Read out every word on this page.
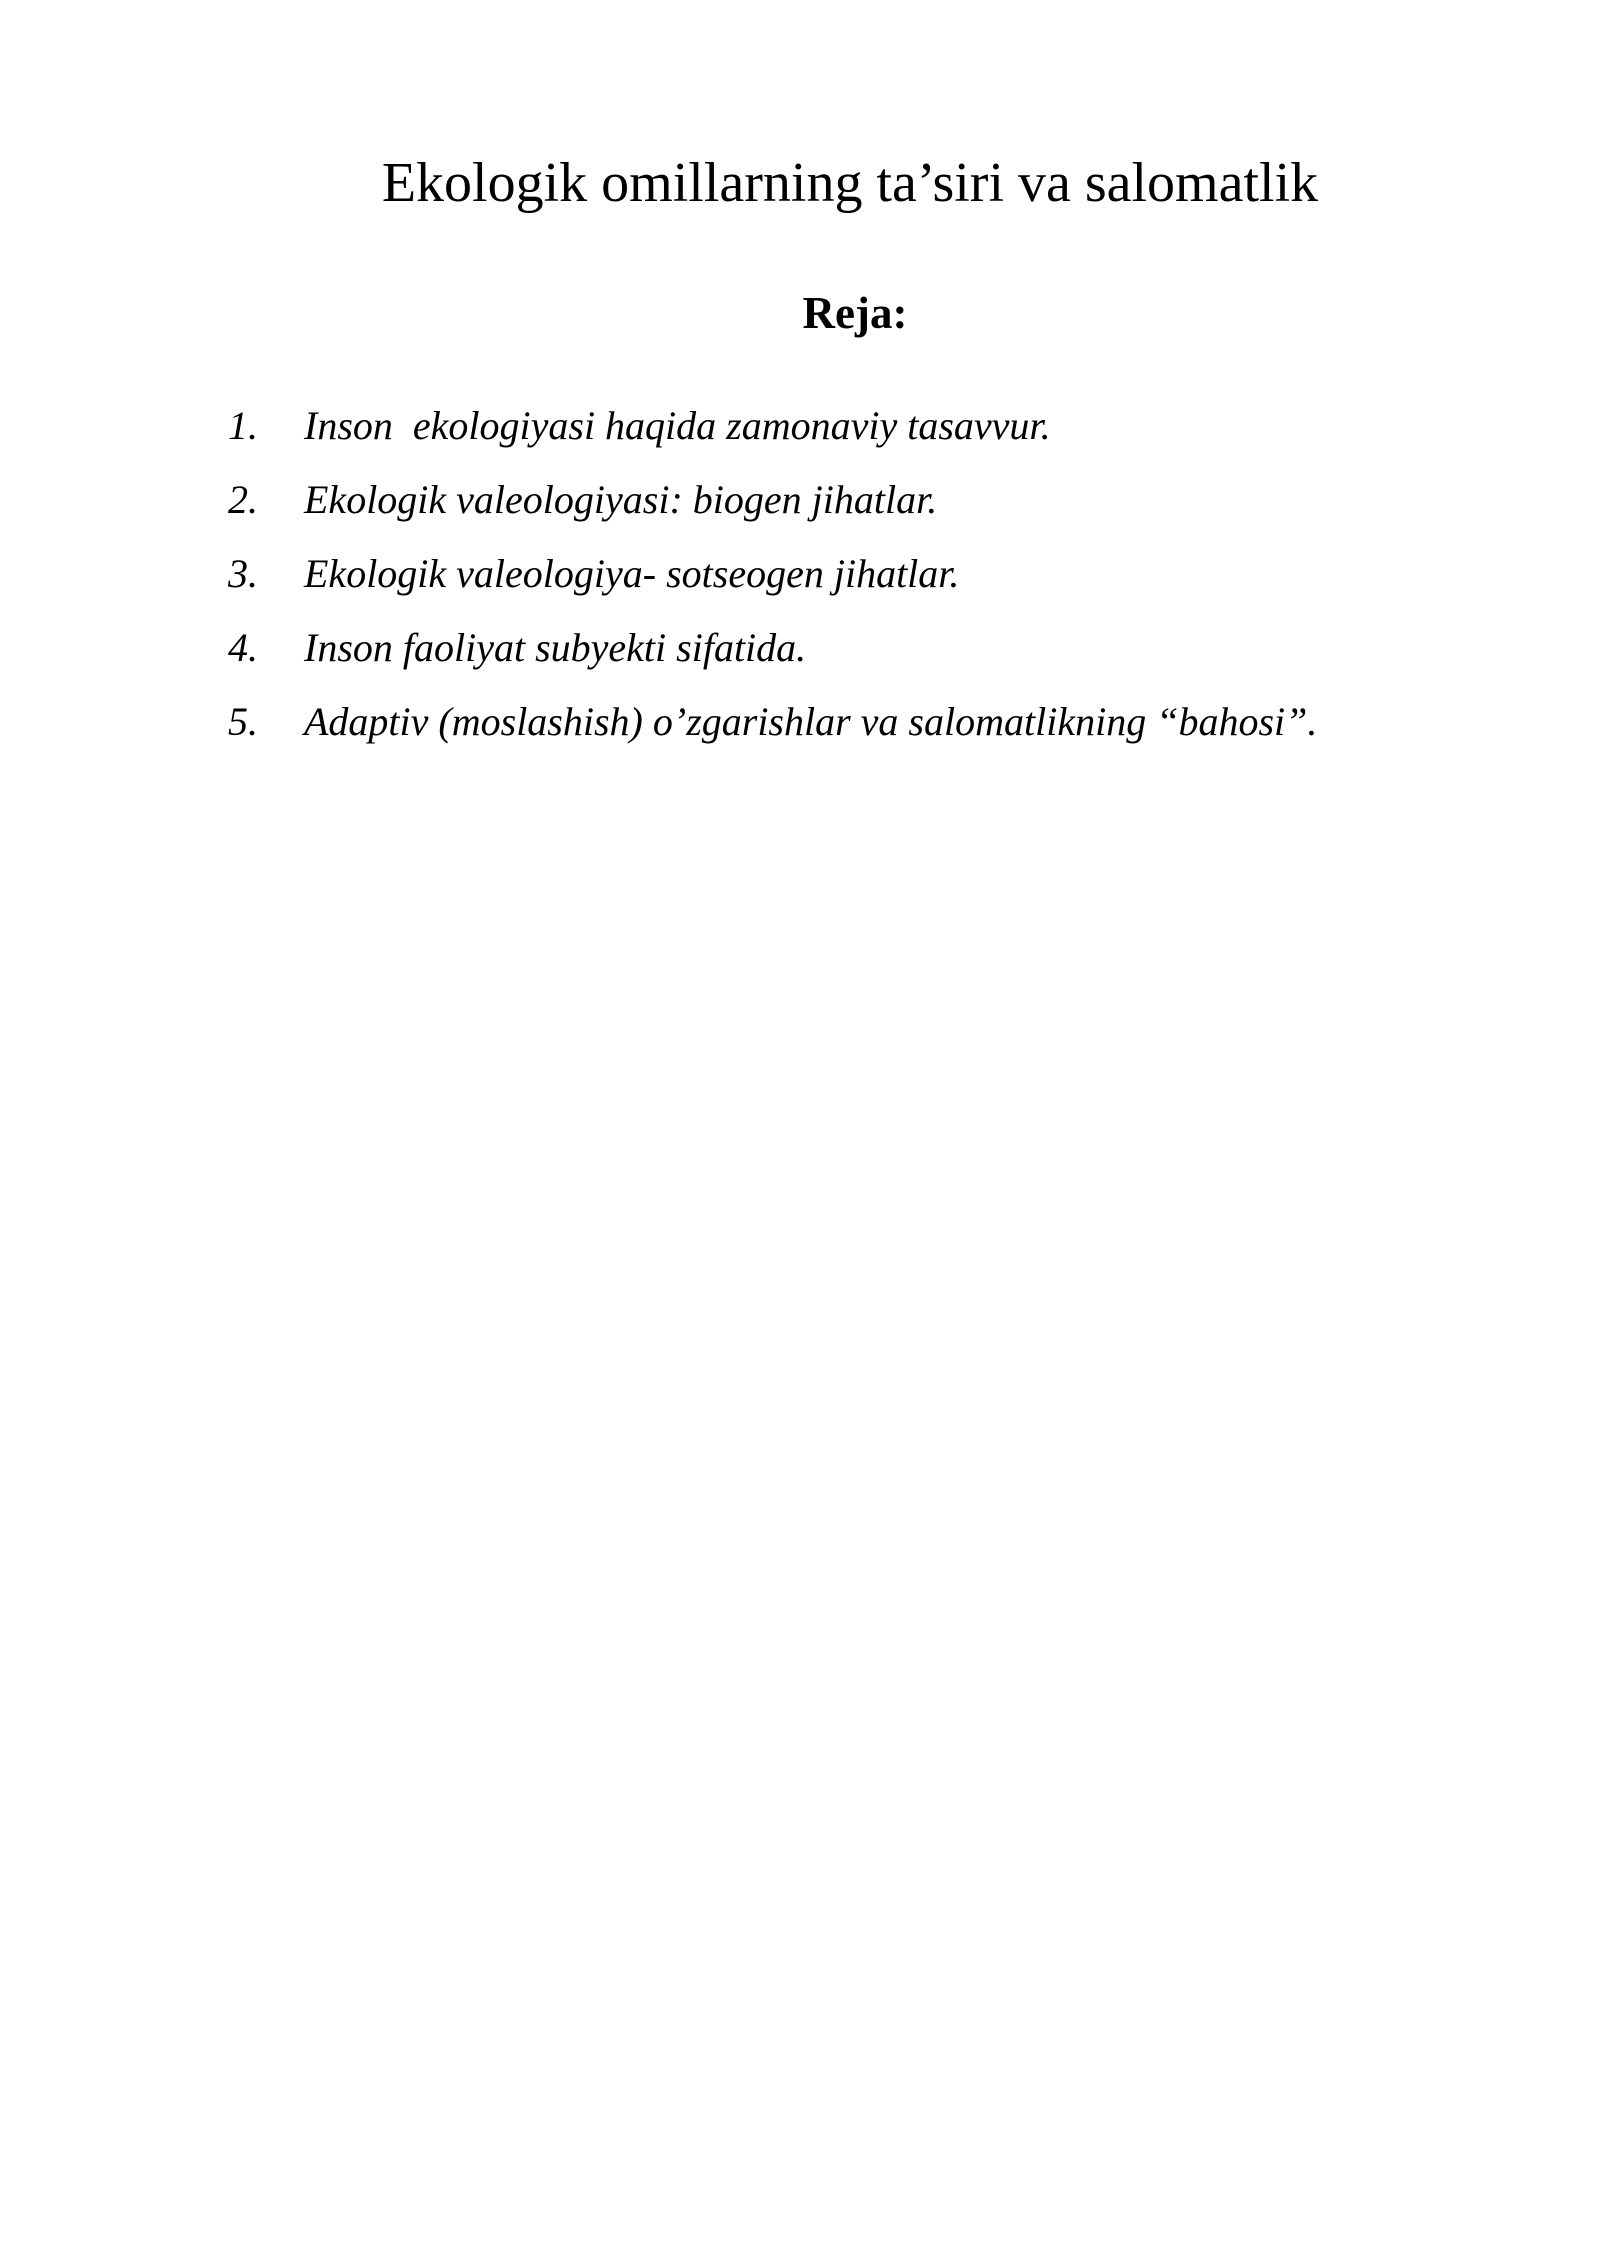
Ekologik omillarning ta’siri va salomatlik
Reja:
1. Inson  ekologiyasi haqida zamonaviy tasavvur.
2. Ekologik valeologiyasi: biogen jihatlar.
3. Ekologik valeologiya- sotseogen jihatlar.
4. Inson faoliyat subyekti sifatida.
5. Adaptiv (moslashish) o’zgarishlar va salomatlikning “bahosi”.
